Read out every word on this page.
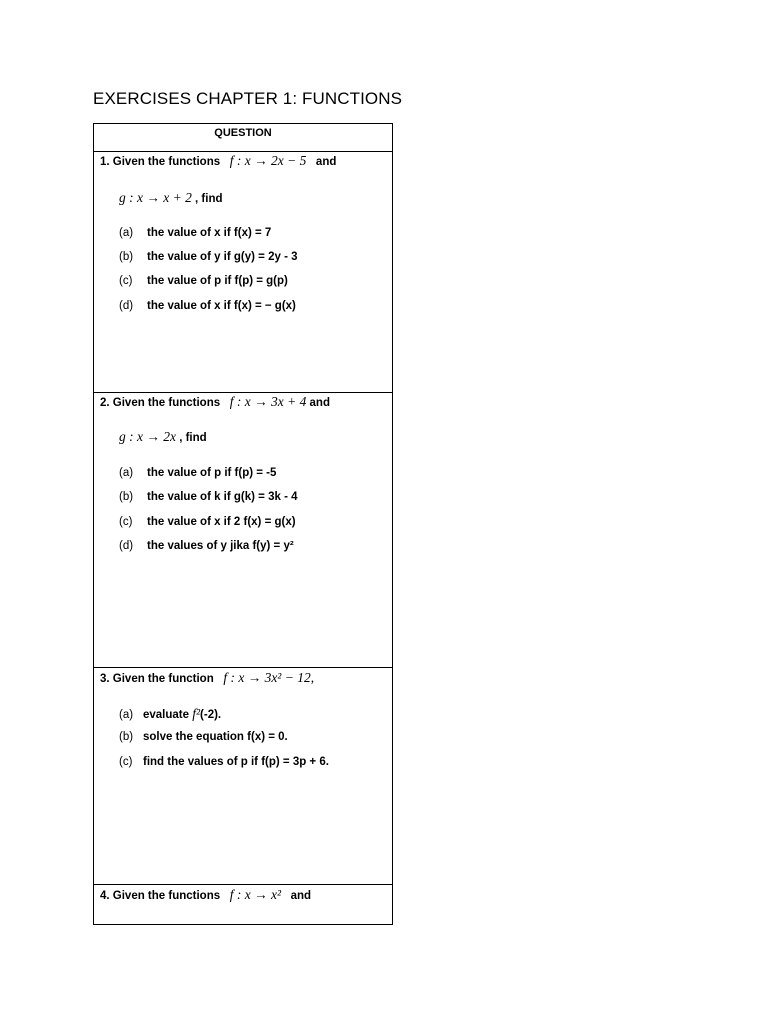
EXERCISES CHAPTER 1: FUNCTIONS
QUESTION
1. Given the functions f : x → 2x − 5 and
g : x → x + 2 , find
(a) the value of x if f(x) = 7
(b) the value of y if g(y) = 2y - 3
(c) the value of p if f(p) = g(p)
(d) the value of x if f(x) = − g(x)
2. Given the functions f : x → 3x + 4 and
g : x → 2x , find
(a) the value of p if f(p) = -5
(b) the value of k if g(k) = 3k - 4
(c) the value of x if 2 f(x) = g(x)
(d) the values of y jika f(y) = y²
3. Given the function f : x → 3x² − 12,
(a) evaluate f²(-2).
(b) solve the equation f(x) = 0.
(c) find the values of p if f(p) = 3p + 6.
4. Given the functions f : x → x² and
